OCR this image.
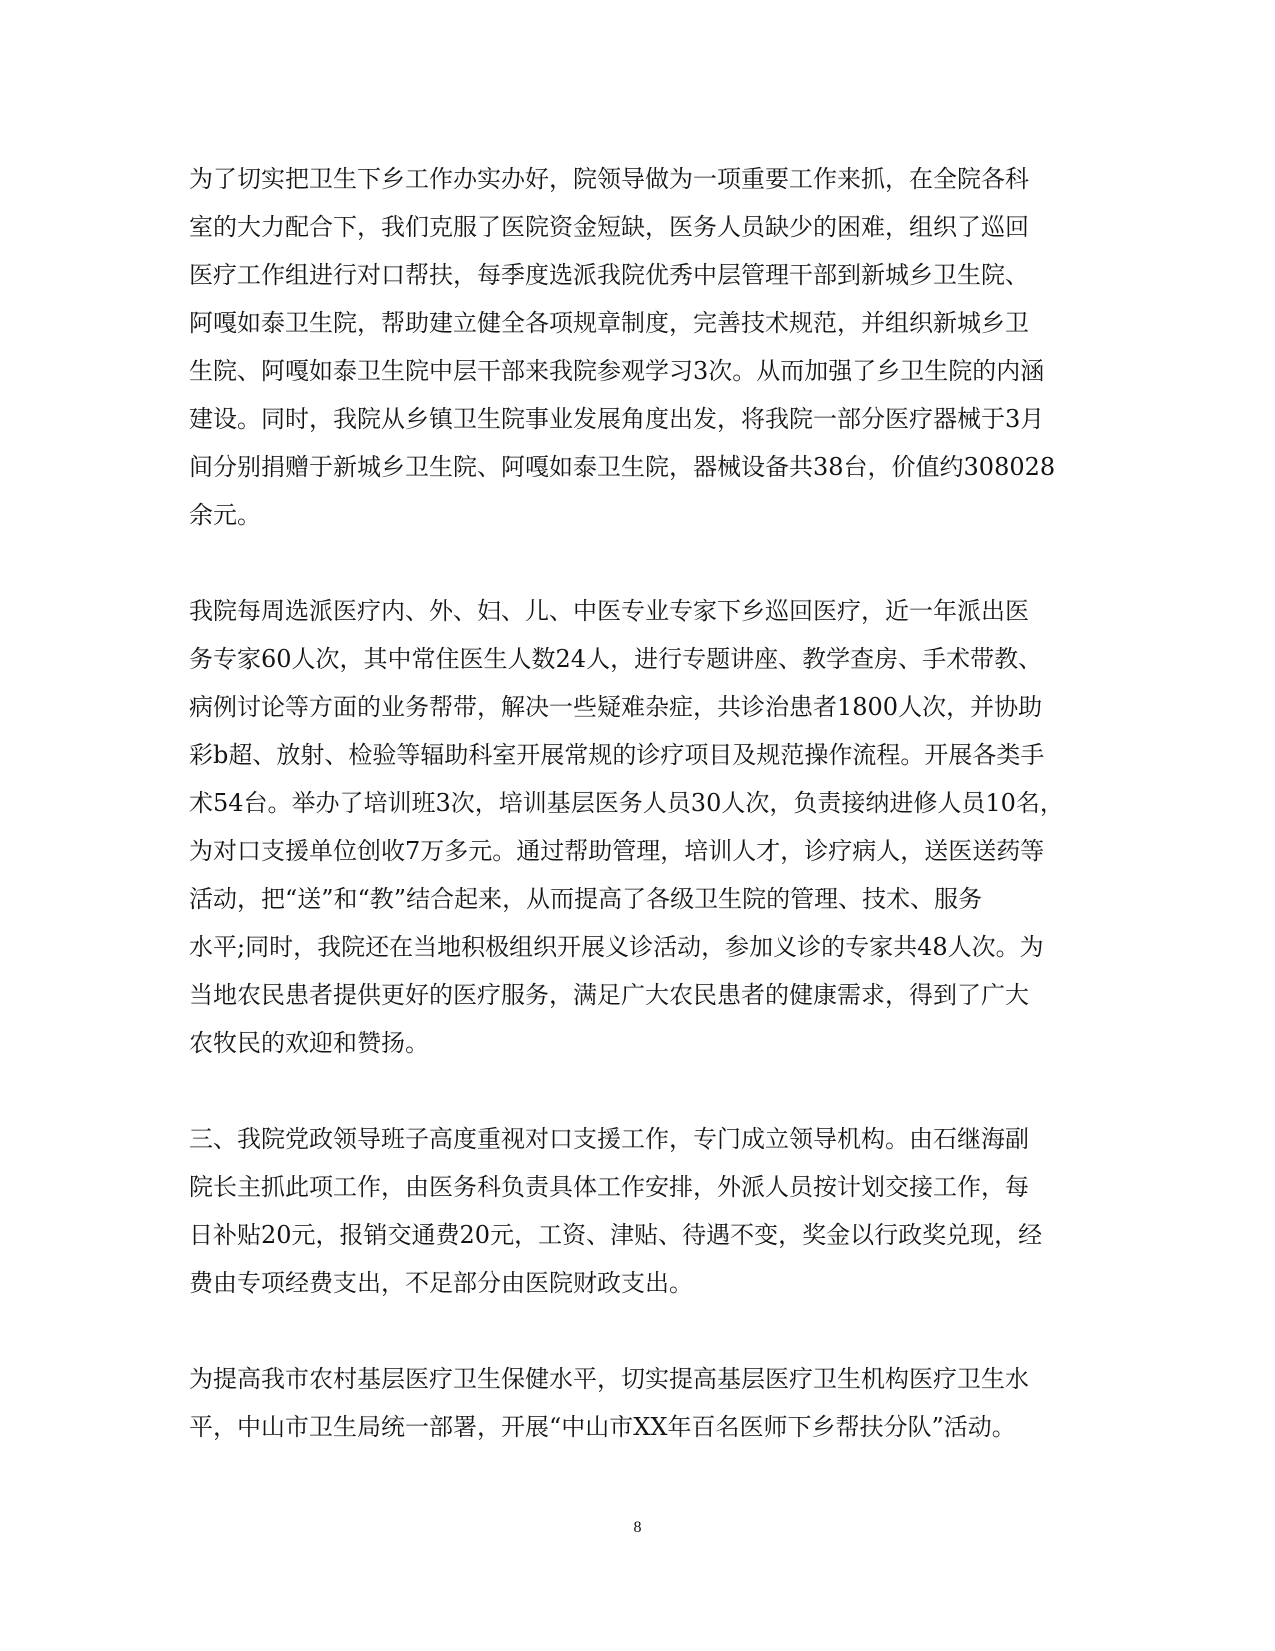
为了切实把卫生下乡工作办实办好，院领导做为一项重要工作来抓，在全院各科
室的大力配合下，我们克服了医院资金短缺，医务人员缺少的困难，组织了巡回
医疗工作组进行对口帮扶，每季度选派我院优秀中层管理干部到新城乡卫生院、
阿嘎如泰卫生院，帮助建立健全各项规章制度，完善技术规范，并组织新城乡卫
生院、阿嘎如泰卫生院中层干部来我院参观学习3次。从而加强了乡卫生院的内涵
建设。同时，我院从乡镇卫生院事业发展角度出发，将我院一部分医疗器械于3月
间分别捐赠于新城乡卫生院、阿嘎如泰卫生院，器械设备共38台，价值约308028
余元。
我院每周选派医疗内、外、妇、儿、中医专业专家下乡巡回医疗，近一年派出医
务专家60人次，其中常住医生人数24人，进行专题讲座、教学查房、手术带教、
病例讨论等方面的业务帮带，解决一些疑难杂症，共诊治患者1800人次，并协助
彩b超、放射、检验等辐助科室开展常规的诊疗项目及规范操作流程。开展各类手
术54台。举办了培训班3次，培训基层医务人员30人次，负责接纳进修人员10名，
为对口支援单位创收7万多元。通过帮助管理，培训人才，诊疗病人，送医送药等
活动，把“送”和“教”结合起来，从而提高了各级卫生院的管理、技术、服务
水平;同时，我院还在当地积极组织开展义诊活动，参加义诊的专家共48人次。为
当地农民患者提供更好的医疗服务，满足广大农民患者的健康需求，得到了广大
农牧民的欢迎和赞扬。
三、我院党政领导班子高度重视对口支援工作，专门成立领导机构。由石继海副
院长主抓此项工作，由医务科负责具体工作安排，外派人员按计划交接工作，每
日补贴20元，报销交通费20元，工资、津贴、待遇不变，奖金以行政奖兑现，经
费由专项经费支出，不足部分由医院财政支出。
为提高我市农村基层医疗卫生保健水平，切实提高基层医疗卫生机构医疗卫生水
平，中山市卫生局统一部署，开展“中山市XX年百名医师下乡帮扶分队”活动。
8
